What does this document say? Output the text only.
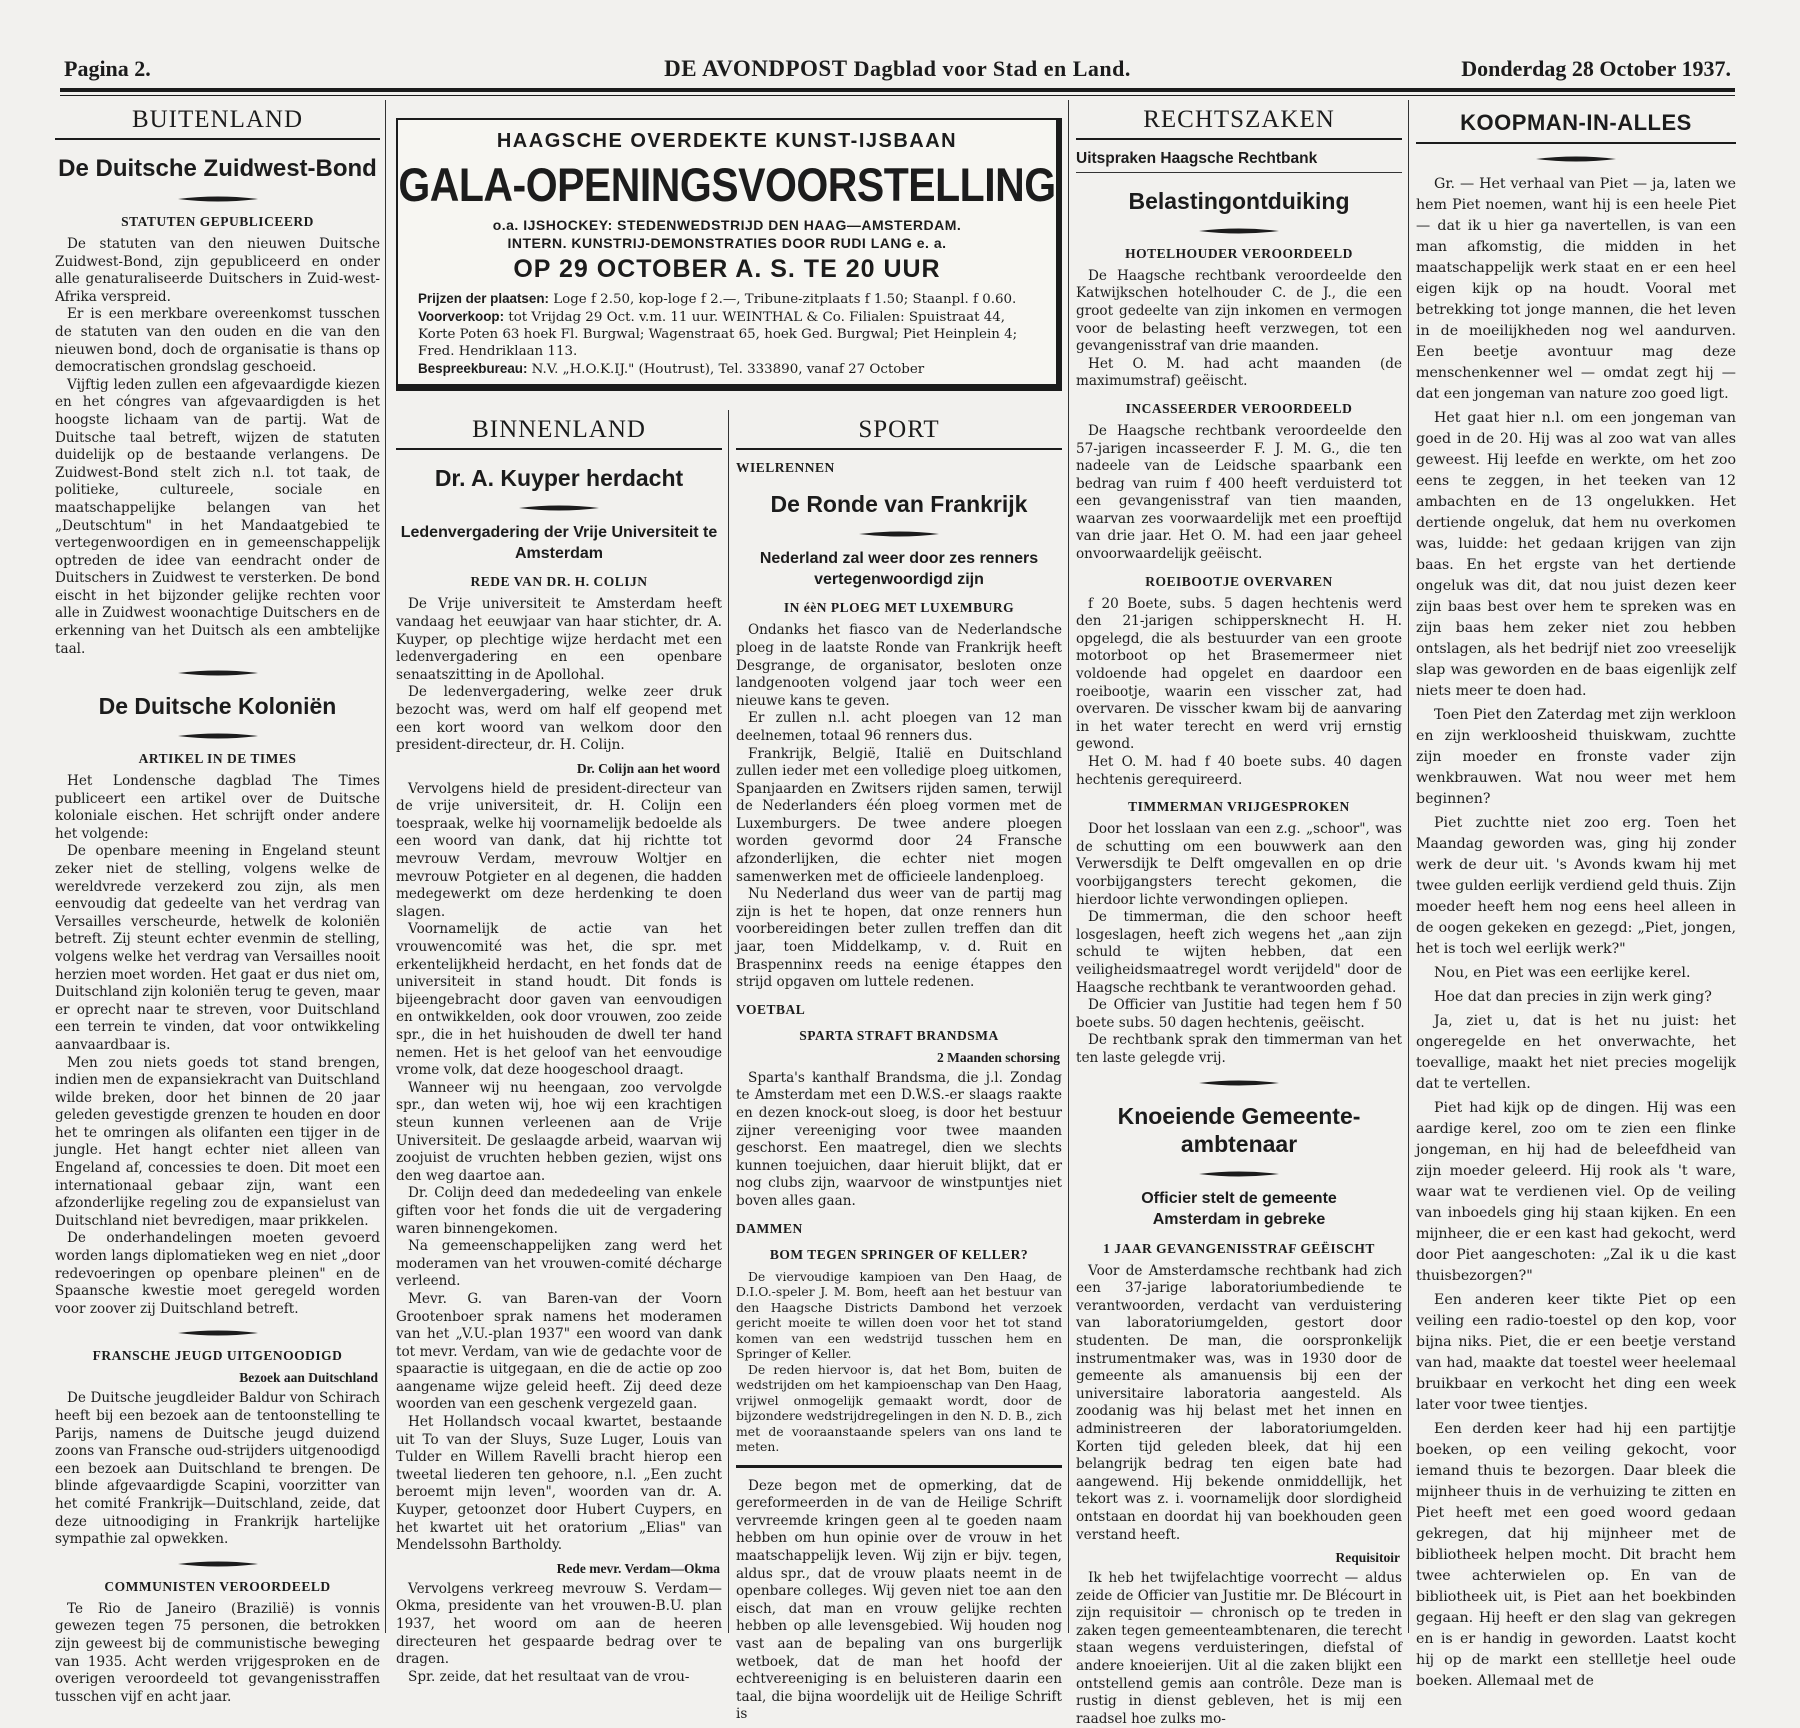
Pagina 2.	DE AVONDPOST Dagblad voor Stad en Land.	Donderdag 28 October 1937.
BUITENLAND
De Duitsche Zuidwest-Bond
STATUTEN GEPUBLICEERD

De statuten van den nieuwen Duitsche Zuidwest-Bond, zijn gepubliceerd en onder alle genaturaliseerde Duitschers in Zuid-west-Afrika verspreid.

Er is een merkbare overeenkomst tusschen de statuten van den ouden en die van den nieuwen bond, doch de organisatie is thans op democratischen grondslag geschoeid.

Vijftig leden zullen een afgevaardigde kiezen en het cóngres van afgevaardigden is het hoogste lichaam van de partij. Wat de Duitsche taal betreft, wijzen de statuten duidelijk op de bestaande verlangens. De Zuidwest-Bond stelt zich n.l. tot taak, de politieke, cultureele, sociale en maatschappelijke belangen van het „Deutschtum" in het Mandaatgebied te vertegenwoordigen en in gemeenschappelijk optreden de idee van eendracht onder de Duitschers in Zuidwest te versterken. De bond eischt in het bijzonder gelijke rechten voor alle in Zuidwest woonachtige Duitschers en de erkenning van het Duitsch als een ambtelijke taal.

De Duitsche Koloniën
ARTIKEL IN DE TIMES

Het Londensche dagblad The Times publiceert een artikel over de Duitsche koloniale eischen. Het schrijft onder andere het volgende:

De openbare meening in Engeland steunt zeker niet de stelling, volgens welke de wereldvrede verzekerd zou zijn, als men eenvoudig dat gedeelte van het verdrag van Versailles verscheurde, hetwelk de koloniën betreft. Zij steunt echter evenmin de stelling, volgens welke het verdrag van Versailles nooit herzien moet worden. Het gaat er dus niet om, Duitschland zijn koloniën terug te geven, maar er oprecht naar te streven, voor Duitschland een terrein te vinden, dat voor ontwikkeling aanvaardbaar is.

Men zou niets goeds tot stand brengen, indien men de expansiekracht van Duitschland wilde breken, door het binnen de 20 jaar geleden gevestigde grenzen te houden en door het te omringen als olifanten een tijger in de jungle. Het hangt echter niet alleen van Engeland af, concessies te doen. Dit moet een internationaal gebaar zijn, want een afzonderlijke regeling zou de expansielust van Duitschland niet bevredigen, maar prikkelen.

De onderhandelingen moeten gevoerd worden langs diplomatieken weg en niet „door redevoeringen op openbare pleinen" en de Spaansche kwestie moet geregeld worden voor zoover zij Duitschland betreft.

FRANSCHE JEUGD UITGENOODIGD
Bezoek aan Duitschland

De Duitsche jeugdleider Baldur von Schirach heeft bij een bezoek aan de tentoonstelling te Parijs, namens de Duitsche jeugd duizend zoons van Fransche oud-strijders uitgenoodigd een bezoek aan Duitschland te brengen. De blinde afgevaardigde Scapini, voorzitter van het comité Frankrijk—Duitschland, zeide, dat deze uitnoodiging in Frankrijk hartelijke sympathie zal opwekken.

COMMUNISTEN VEROORDEELD

Te Rio de Janeiro (Brazilië) is vonnis gewezen tegen 75 personen, die betrokken zijn geweest bij de communistische beweging van 1935. Acht werden vrijgesproken en de overigen veroordeeld tot gevangenisstraffen tusschen vijf en acht jaar.

HAAGSCHE OVERDEKTE KUNST-IJSBAAN
GALA-OPENINGSVOORSTELLING
o.a. IJSHOCKEY: STEDENWEDSTRIJD DEN HAAG—AMSTERDAM.
INTERN. KUNSTRIJ-DEMONSTRATIES DOOR RUDI LANG e. a.
OP 29 OCTOBER A. S. TE 20 UUR
Prijzen der plaatsen: Loge f 2.50, kop-loge f 2.—, Tribune-zitplaats f 1.50; Staanpl. f 0.60.
Voorverkoop: tot Vrijdag 29 Oct. v.m. 11 uur. WEINTHAL & Co. Filialen: Spuistraat 44, Korte Poten 63 hoek Fl. Burgwal; Wagenstraat 65, hoek Ged. Burgwal; Piet Heinplein 4; Fred. Hendriklaan 113.
Bespreekbureau: N.V. „H.O.K.IJ." (Houtrust), Tel. 333890, vanaf 27 October
BINNENLAND
Dr. A. Kuyper herdacht
Ledenvergadering der Vrije Universiteit te Amsterdam
REDE VAN DR. H. COLIJN

De Vrije universiteit te Amsterdam heeft vandaag het eeuwjaar van haar stichter, dr. A. Kuyper, op plechtige wijze herdacht met een ledenvergadering en een openbare senaatszitting in de Apollohal.

De ledenvergadering, welke zeer druk bezocht was, werd om half elf geopend met een kort woord van welkom door den president-directeur, dr. H. Colijn.

Dr. Colijn aan het woord

Vervolgens hield de president-directeur van de vrije universiteit, dr. H. Colijn een toespraak, welke hij voornamelijk bedoelde als een woord van dank, dat hij richtte tot mevrouw Verdam, mevrouw Woltjer en mevrouw Potgieter en al degenen, die hadden medegewerkt om deze herdenking te doen slagen.

Voornamelijk de actie van het vrouwencomité was het, die spr. met erkentelijkheid herdacht, en het fonds dat de universiteit in stand houdt. Dit fonds is bijeengebracht door gaven van eenvoudigen en ontwikkelden, ook door vrouwen, zoo zeide spr., die in het huishouden de dwell ter hand nemen. Het is het geloof van het eenvoudige vrome volk, dat deze hoogeschool draagt.

Wanneer wij nu heengaan, zoo vervolgde spr., dan weten wij, hoe wij een krachtigen steun kunnen verleenen aan de Vrije Universiteit. De geslaagde arbeid, waarvan wij zoojuist de vruchten hebben gezien, wijst ons den weg daartoe aan.

Dr. Colijn deed dan mededeeling van enkele giften voor het fonds die uit de vergadering waren binnengekomen.

Na gemeenschappelijken zang werd het moderamen van het vrouwen-comité décharge verleend.

Mevr. G. van Baren-van der Voorn Grootenboer sprak namens het moderamen van het „V.U.-plan 1937" een woord van dank tot mevr. Verdam, van wie de gedachte voor de spaaractie is uitgegaan, en die de actie op zoo aangename wijze geleid heeft. Zij deed deze woorden van een geschenk vergezeld gaan.

Het Hollandsch vocaal kwartet, bestaande uit To van der Sluys, Suze Luger, Louis van Tulder en Willem Ravelli bracht hierop een tweetal liederen ten gehoore, n.l. „Een zucht beroemt mijn leven", woorden van dr. A. Kuyper, getoonzet door Hubert Cuypers, en het kwartet uit het oratorium „Elias" van Mendelssohn Bartholdy.

Rede mevr. Verdam—Okma

Vervolgens verkreeg mevrouw S. Verdam—Okma, presidente van het vrouwen-B.U. plan 1937, het woord om aan de heeren directeuren het gespaarde bedrag over te dragen.

Spr. zeide, dat het resultaat van de vrou-

SPORT
WIELRENNEN
De Ronde van Frankrijk
Nederland zal weer door zes renners vertegenwoordigd zijn
IN éèN PLOEG MET LUXEMBURG

Ondanks het fiasco van de Nederlandsche ploeg in de laatste Ronde van Frankrijk heeft Desgrange, de organisator, besloten onze landgenooten volgend jaar toch weer een nieuwe kans te geven.

Er zullen n.l. acht ploegen van 12 man deelnemen, totaal 96 renners dus.

Frankrijk, België, Italië en Duitschland zullen ieder met een volledige ploeg uitkomen, Spanjaarden en Zwitsers rijden samen, terwijl de Nederlanders één ploeg vormen met de Luxemburgers. De twee andere ploegen worden gevormd door 24 Fransche afzonderlijken, die echter niet mogen samenwerken met de officieele landenploeg.

Nu Nederland dus weer van de partij mag zijn is het te hopen, dat onze renners hun voorbereidingen beter zullen treffen dan dit jaar, toen Middelkamp, v. d. Ruit en Braspenninx reeds na eenige étappes den strijd opgaven om luttele redenen.

VOETBAL
SPARTA STRAFT BRANDSMA
2 Maanden schorsing

Sparta's kanthalf Brandsma, die j.l. Zondag te Amsterdam met een D.W.S.-er slaags raakte en dezen knock-out sloeg, is door het bestuur zijner vereeniging voor twee maanden geschorst. Een maatregel, dien we slechts kunnen toejuichen, daar hieruit blijkt, dat er nog clubs zijn, waarvoor de winstpuntjes niet boven alles gaan.

DAMMEN
BOM TEGEN SPRINGER OF KELLER?

De viervoudige kampioen van Den Haag, de D.I.O.-speler J. M. Bom, heeft aan het bestuur van den Haagsche Districts Dambond het verzoek gericht moeite te willen doen voor het tot stand komen van een wedstrijd tusschen hem en Springer of Keller.

De reden hiervoor is, dat het Bom, buiten de wedstrijden om het kampioenschap van Den Haag, vrijwel onmogelijk gemaakt wordt, door de bijzondere wedstrijdregelingen in den N. D. B., zich met de vooraanstaande spelers van ons land te meten.

Deze begon met de opmerking, dat de gereformeerden in de van de Heilige Schrift vervreemde kringen geen al te goeden naam hebben om hun opinie over de vrouw in het maatschappelijk leven. Wij zijn er bijv. tegen, aldus spr., dat de vrouw plaats neemt in de openbare colleges. Wij geven niet toe aan den eisch, dat man en vrouw gelijke rechten hebben op alle levensgebied. Wij houden nog vast aan de bepaling van ons burgerlijk wetboek, dat de man het hoofd der echtvereeniging is en beluisteren daarin een taal, die bijna woordelijk uit de Heilige Schrift is

RECHTSZAKEN
Uitspraken Haagsche Rechtbank
Belastingontduiking
HOTELHOUDER VEROORDEELD

De Haagsche rechtbank veroordeelde den Katwijkschen hotelhouder C. de J., die een groot gedeelte van zijn inkomen en vermogen voor de belasting heeft verzwegen, tot een gevangenisstraf van drie maanden.

Het O. M. had acht maanden (de maximumstraf) geëischt.

INCASSEERDER VEROORDEELD

De Haagsche rechtbank veroordeelde den 57-jarigen incasseerder F. J. M. G., die ten nadeele van de Leidsche spaarbank een bedrag van ruim f 400 heeft verduisterd tot een gevangenisstraf van tien maanden, waarvan zes voorwaardelijk met een proeftijd van drie jaar. Het O. M. had een jaar geheel onvoorwaardelijk geëischt.

ROEIBOOTJE OVERVAREN

f 20 Boete, subs. 5 dagen hechtenis werd den 21-jarigen schippersknecht H. H. opgelegd, die als bestuurder van een groote motorboot op het Brasemermeer niet voldoende had opgelet en daardoor een roeibootje, waarin een visscher zat, had overvaren. De visscher kwam bij de aanvaring in het water terecht en werd vrij ernstig gewond.

Het O. M. had f 40 boete subs. 40 dagen hechtenis gerequireerd.

TIMMERMAN VRIJGESPROKEN

Door het losslaan van een z.g. „schoor", was de schutting om een bouwwerk aan den Verwersdijk te Delft omgevallen en op drie voorbijgangsters terecht gekomen, die hierdoor lichte verwondingen opliepen.

De timmerman, die den schoor heeft losgeslagen, heeft zich wegens het „aan zijn schuld te wijten hebben, dat een veiligheidsmaatregel wordt verijdeld" door de Haagsche rechtbank te verantwoorden gehad.

De Officier van Justitie had tegen hem f 50 boete subs. 50 dagen hechtenis, geëischt.

De rechtbank sprak den timmerman van het ten laste gelegde vrij.

Knoeiende Gemeente-ambtenaar
Officier stelt de gemeente Amsterdam in gebreke
1 JAAR GEVANGENISSTRAF GEËISCHT

Voor de Amsterdamsche rechtbank had zich een 37-jarige laboratoriumbediende te verantwoorden, verdacht van verduistering van laboratoriumgelden, gestort door studenten. De man, die oorspronkelijk instrumentmaker was, was in 1930 door de gemeente als amanuensis bij een der universitaire laboratoria aangesteld. Als zoodanig was hij belast met het innen en administreeren der laboratoriumgelden. Korten tijd geleden bleek, dat hij een belangrijk bedrag ten eigen bate had aangewend. Hij bekende onmiddellijk, het tekort was z. i. voornamelijk door slordigheid ontstaan en doordat hij van boekhouden geen verstand heeft.

Requisitoir

Ik heb het twijfelachtige voorrecht — aldus zeide de Officier van Justitie mr. De Blécourt in zijn requisitoir — chronisch op te treden in zaken tegen gemeenteambtenaren, die terecht staan wegens verduisteringen, diefstal of andere knoeierijen. Uit al die zaken blijkt een ontstellend gemis aan contrôle. Deze man is rustig in dienst gebleven, het is mij een raadsel hoe zulks mo-

KOOPMAN-IN-ALLES

Gr. — Het verhaal van Piet — ja, laten we hem Piet noemen, want hij is een heele Piet — dat ik u hier ga navertellen, is van een man afkomstig, die midden in het maatschappelijk werk staat en er een heel eigen kijk op na houdt. Vooral met betrekking tot jonge mannen, die het leven in de moeilijkheden nog wel aandurven. Een beetje avontuur mag deze menschenkenner wel — omdat zegt hij — dat een jongeman van nature zoo goed ligt.

Het gaat hier n.l. om een jongeman van goed in de 20. Hij was al zoo wat van alles geweest. Hij leefde en werkte, om het zoo eens te zeggen, in het teeken van 12 ambachten en de 13 ongelukken. Het dertiende ongeluk, dat hem nu overkomen was, luidde: het gedaan krijgen van zijn baas. En het ergste van het dertiende ongeluk was dit, dat nou juist dezen keer zijn baas best over hem te spreken was en zijn baas hem zeker niet zou hebben ontslagen, als het bedrijf niet zoo vreeselijk slap was geworden en de baas eigenlijk zelf niets meer te doen had.

Toen Piet den Zaterdag met zijn werkloon en zijn werkloosheid thuiskwam, zuchtte zijn moeder en fronste vader zijn wenkbrauwen. Wat nou weer met hem beginnen?

Piet zuchtte niet zoo erg. Toen het Maandag geworden was, ging hij zonder werk de deur uit. 's Avonds kwam hij met twee gulden eerlijk verdiend geld thuis. Zijn moeder heeft hem nog eens heel alleen in de oogen gekeken en gezegd: „Piet, jongen, het is toch wel eerlijk werk?"

Nou, en Piet was een eerlijke kerel.

Hoe dat dan precies in zijn werk ging?

Ja, ziet u, dat is het nu juist: het ongeregelde en het onverwachte, het toevallige, maakt het niet precies mogelijk dat te vertellen.

Piet had kijk op de dingen. Hij was een aardige kerel, zoo om te zien een flinke jongeman, en hij had de beleefdheid van zijn moeder geleerd. Hij rook als 't ware, waar wat te verdienen viel. Op de veiling van inboedels ging hij staan kijken. En een mijnheer, die er een kast had gekocht, werd door Piet aangeschoten: „Zal ik u die kast thuisbezorgen?"

Een anderen keer tikte Piet op een veiling een radio-toestel op den kop, voor bijna niks. Piet, die er een beetje verstand van had, maakte dat toestel weer heelemaal bruikbaar en verkocht het ding een week later voor twee tientjes.

Een derden keer had hij een partijtje boeken, op een veiling gekocht, voor iemand thuis te bezorgen. Daar bleek die mijnheer thuis in de verhuizing te zitten en Piet heeft met een goed woord gedaan gekregen, dat hij mijnheer met de bibliotheek helpen mocht. Dit bracht hem twee achterwielen op. En van de bibliotheek uit, is Piet aan het boekbinden gegaan. Hij heeft er den slag van gekregen en is er handig in geworden. Laatst kocht hij op de markt een stellletje heel oude boeken. Allemaal met de
